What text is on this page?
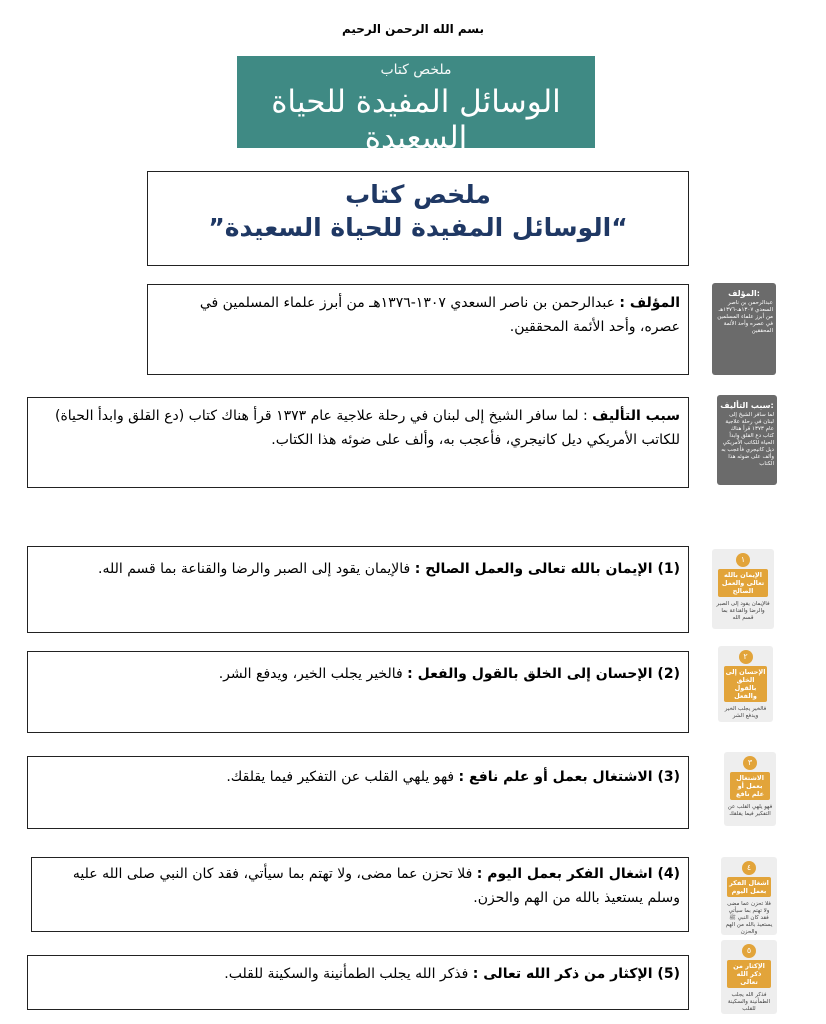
بسم الله الرحمن الرحيم
ملخص كتاب
الوسائل المفيدة للحياة السعيدة
ملخص كتاب
”الوسائل المفيدة للحياة السعيدة“
المؤلف : عبدالرحمن بن ناصر السعدي ١٣٠٧-١٣٧٦هـ من أبرز علماء المسلمين في عصره، وأحد الأئمة المحققين.
المؤلف:
عبدالرحمن بن ناصر السعدي ١٣٠٧هـ-١٣٧٦هـ من أبرز علماء المسلمين في عصره وأحد الأئمة المحققين
سبب التأليف : لما سافر الشيخ إلى لبنان في رحلة علاجية عام ١٣٧٣ قرأ هناك كتاب (دع القلق وابدأ الحياة) للكاتب الأمريكي ديل كانيجري، فأعجب به، وألف على ضوئه هذا الكتاب.
سبب التأليف:
لما سافر الشيخ إلى لبنان في رحلة علاجية عام ١٣٧٣ قرأ هناك كتاب دع القلق وابدأ الحياة للكاتب الأمريكي ديل كانيجري فأعجب به وألف على ضوئه هذا الكتاب
(1) الإيمان بالله تعالى والعمل الصالح : فالإيمان يقود إلى الصبر والرضا والقناعة بما قسم الله.
١
الإيمان بالله تعالى والعمل الصالح
فالإيمان يقود إلى الصبر والرضا والقناعة بما قسم الله
(2) الإحسان إلى الخلق بالقول والفعل : فالخير يجلب الخير، ويدفع الشر.
٢
الإحسان إلى الخلق بالقول والفعل
فالخير يجلب الخير ويدفع الشر
(3) الاشتغال بعمل أو علم نافع : فهو يلهي القلب عن التفكير فيما يقلقك.
٣
الاشتغال بعمل أو علم نافع
فهو يلهي القلب عن التفكير فيما يقلقك
(4) اشغال الفكر بعمل اليوم : فلا تحزن عما مضى، ولا تهتم بما سيأتي، فقد كان النبي صلى الله عليه وسلم يستعيذ بالله من الهم والحزن.
٤
اشغال الفكر بعمل اليوم
فلا تحزن عما مضى ولا تهتم بما سيأتي فقد كان النبي ﷺ يستعيذ بالله من الهم والحزن
(5) الإكثار من ذكر الله تعالى : فذكر الله يجلب الطمأنينة والسكينة للقلب.
٥
الإكثار من ذكر الله تعالى
فذكر الله يجلب الطمأنينة والسكينة للقلب
